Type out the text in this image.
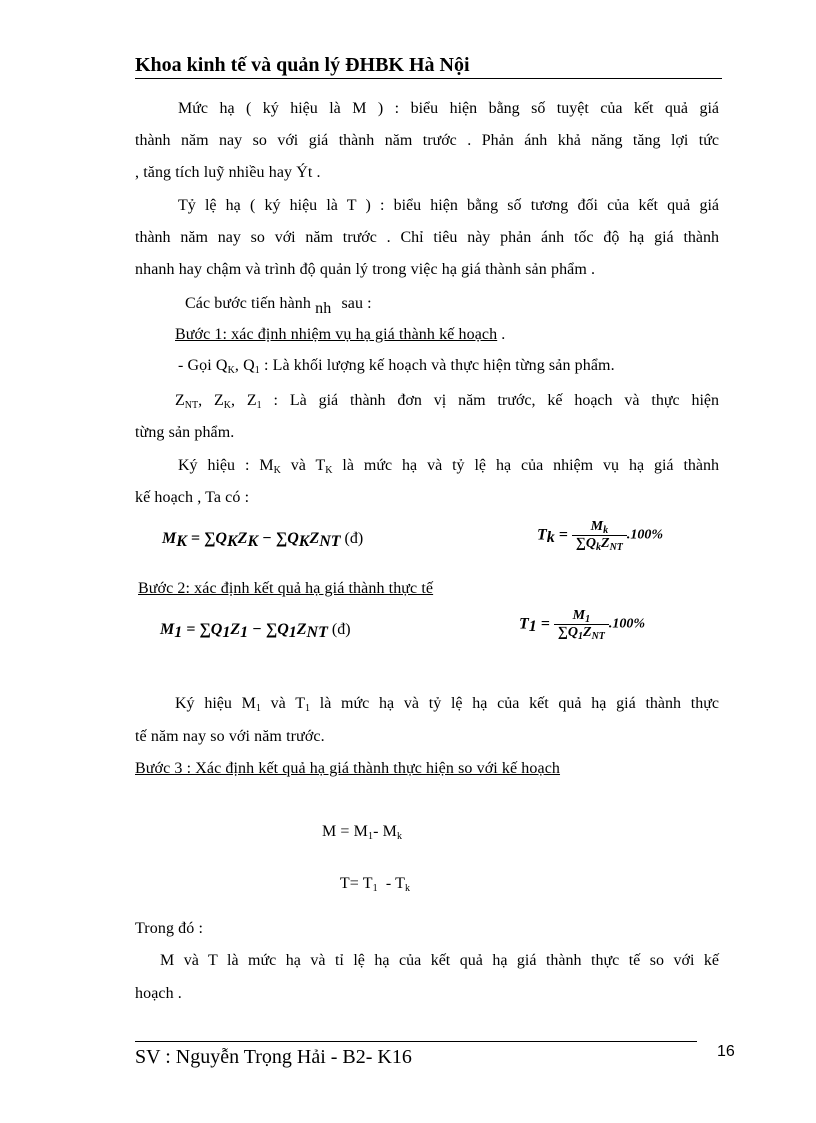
Khoa kinh tế và quản lý ĐHBK Hà Nội
Mức hạ ( ký hiệu là M ) : biểu hiện bằng số tuyệt của kết quả giá
thành năm nay so với giá thành năm trước . Phản ánh khả năng tăng lợi tức
, tăng tích luỹ nhiều hay Ýt .
Tỷ lệ hạ ( ký hiệu là T ) : biểu hiện bằng số tương đối của kết quả giá
thành năm nay so với năm trước . Chỉ tiêu này phản ánh tốc độ hạ giá thành
nhanh hay chậm và trình độ quản lý trong việc hạ giá thành sản phẩm .
Các bước tiến hành nh sau :
Bước 1: xác định nhiệm vụ hạ giá thành kế hoạch .
- Gọi $Q_K$, $Q_1$ : Là khối lượng kế hoạch và thực hiện từng sản phẩm.
$Z_{NT}$, $Z_K$, $Z_1$ : Là giá thành đơn vị năm trước, kế hoạch và thực hiện
từng sản phẩm.
Ký hiệu : $M_K$ và $T_K$ là mức hạ và tỷ lệ hạ của nhiệm vụ hạ giá thành
kế hoạch , Ta có :
$M_K = \sum Q_KZ_K - \sum Q_KZ_{NT}$ (đ)	$T_k = \frac{M_k}{\sum Q_kZ_{NT}} .100\%$
Bước 2: xác định kết quả hạ giá thành thực tế
$M_1 = \sum Q_1Z_1 - \sum Q_1Z_{NT}$ (đ)	$T_1 = \frac{M_1}{\sum Q_1Z_{NT}} .100\%$
Ký hiệu $M_1$ và $T_1$ là mức hạ và tỷ lệ hạ của kết quả hạ giá thành thực
tế năm nay so với năm trước.
Bước 3 : Xác định kết quả hạ giá thành thực hiện so với kế hoạch
$M = M_1-$ $M_k$

$T= T_1 - T_k$

Trong đó :
M và T là mức hạ và tỉ lệ hạ của kết quả hạ giá thành thực tế so với kế
hoạch .
SV : Nguyễn Trọng Hải - B2- K16	16
